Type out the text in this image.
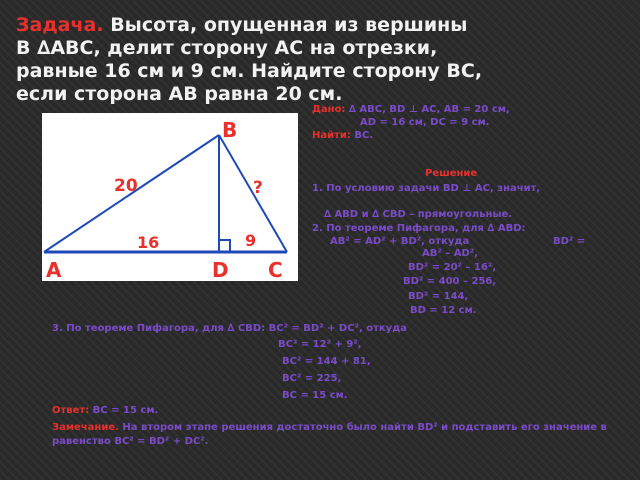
Задача. Высота, опущенная из вершины
В ∆АВС, делит сторону АС на отрезки,
равные 16 см и 9 см. Найдите сторону ВС,
если сторона АВ равна 20 см.
B
A	D C
20	?
16	9
Дано: ∆ АВС, ВD ⊥ АС, АВ = 20 см,
АD = 16 см, DС = 9 см.
Найти: ВС.
Решение
1. По условию задачи ВD ⊥ АС, значит,
∆ АВD и ∆ СВD – прямоугольные.
2. По теореме Пифагора, для ∆ АВD:
АВ² = АD² + ВD², откуда	ВD² =
АВ² – АD²,
ВD² = 20² – 16²,
ВD² = 400 – 256,
ВD² = 144,
ВD = 12 см.
3. По теореме Пифагора, для ∆ СВD: ВС² = ВD² + DС², откуда
ВС² = 12² + 9²,
ВС² = 144 + 81,
ВС² = 225,
ВС = 15 см.
Ответ: ВС = 15 см.
Замечание. На втором этапе решения достаточно было найти ВD² и подставить его значение в равенство ВС² = ВD² + DС².
